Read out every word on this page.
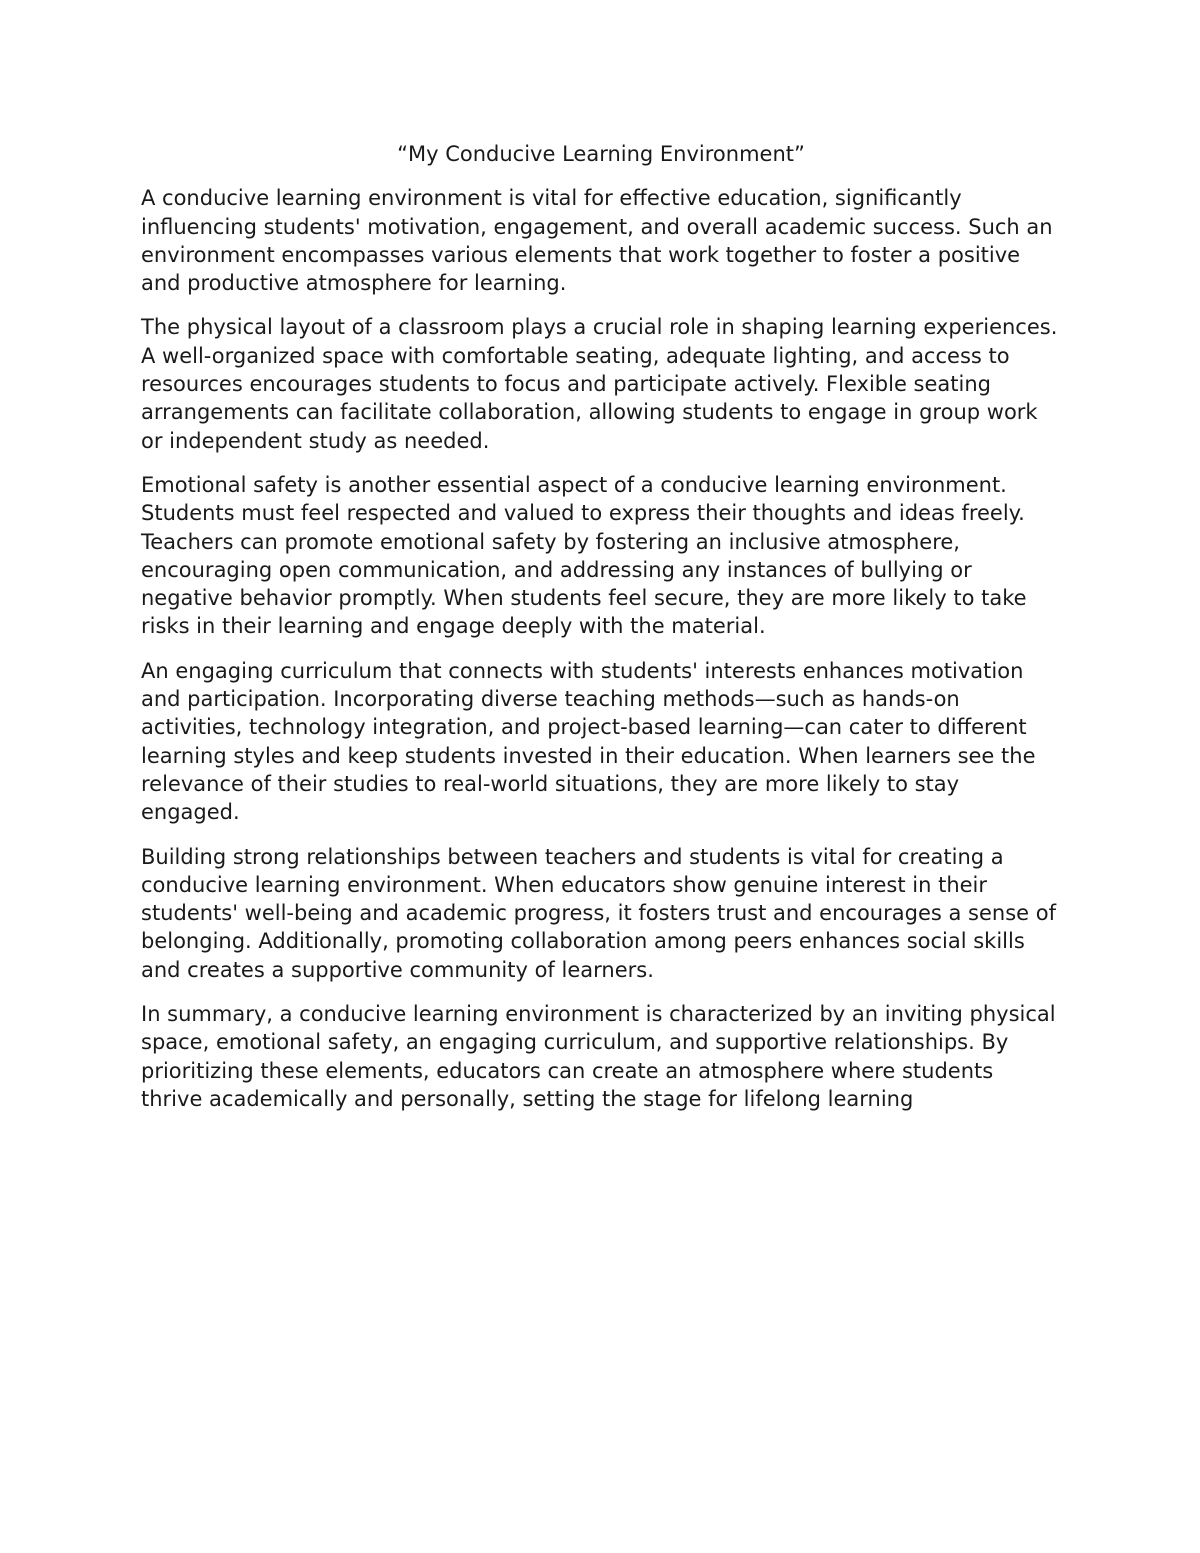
“My Conducive Learning Environment”

A conducive learning environment is vital for effective education, significantly influencing students' motivation, engagement, and overall academic success. Such an environment encompasses various elements that work together to foster a positive and productive atmosphere for learning.

The physical layout of a classroom plays a crucial role in shaping learning experiences. A well-organized space with comfortable seating, adequate lighting, and access to resources encourages students to focus and participate actively. Flexible seating arrangements can facilitate collaboration, allowing students to engage in group work or independent study as needed.

Emotional safety is another essential aspect of a conducive learning environment. Students must feel respected and valued to express their thoughts and ideas freely. Teachers can promote emotional safety by fostering an inclusive atmosphere, encouraging open communication, and addressing any instances of bullying or negative behavior promptly. When students feel secure, they are more likely to take risks in their learning and engage deeply with the material.

An engaging curriculum that connects with students' interests enhances motivation and participation. Incorporating diverse teaching methods—such as hands-on activities, technology integration, and project-based learning—can cater to different learning styles and keep students invested in their education. When learners see the relevance of their studies to real-world situations, they are more likely to stay engaged.

Building strong relationships between teachers and students is vital for creating a conducive learning environment. When educators show genuine interest in their students' well-being and academic progress, it fosters trust and encourages a sense of belonging. Additionally, promoting collaboration among peers enhances social skills and creates a supportive community of learners.

In summary, a conducive learning environment is characterized by an inviting physical space, emotional safety, an engaging curriculum, and supportive relationships. By prioritizing these elements, educators can create an atmosphere where students thrive academically and personally, setting the stage for lifelong learning
